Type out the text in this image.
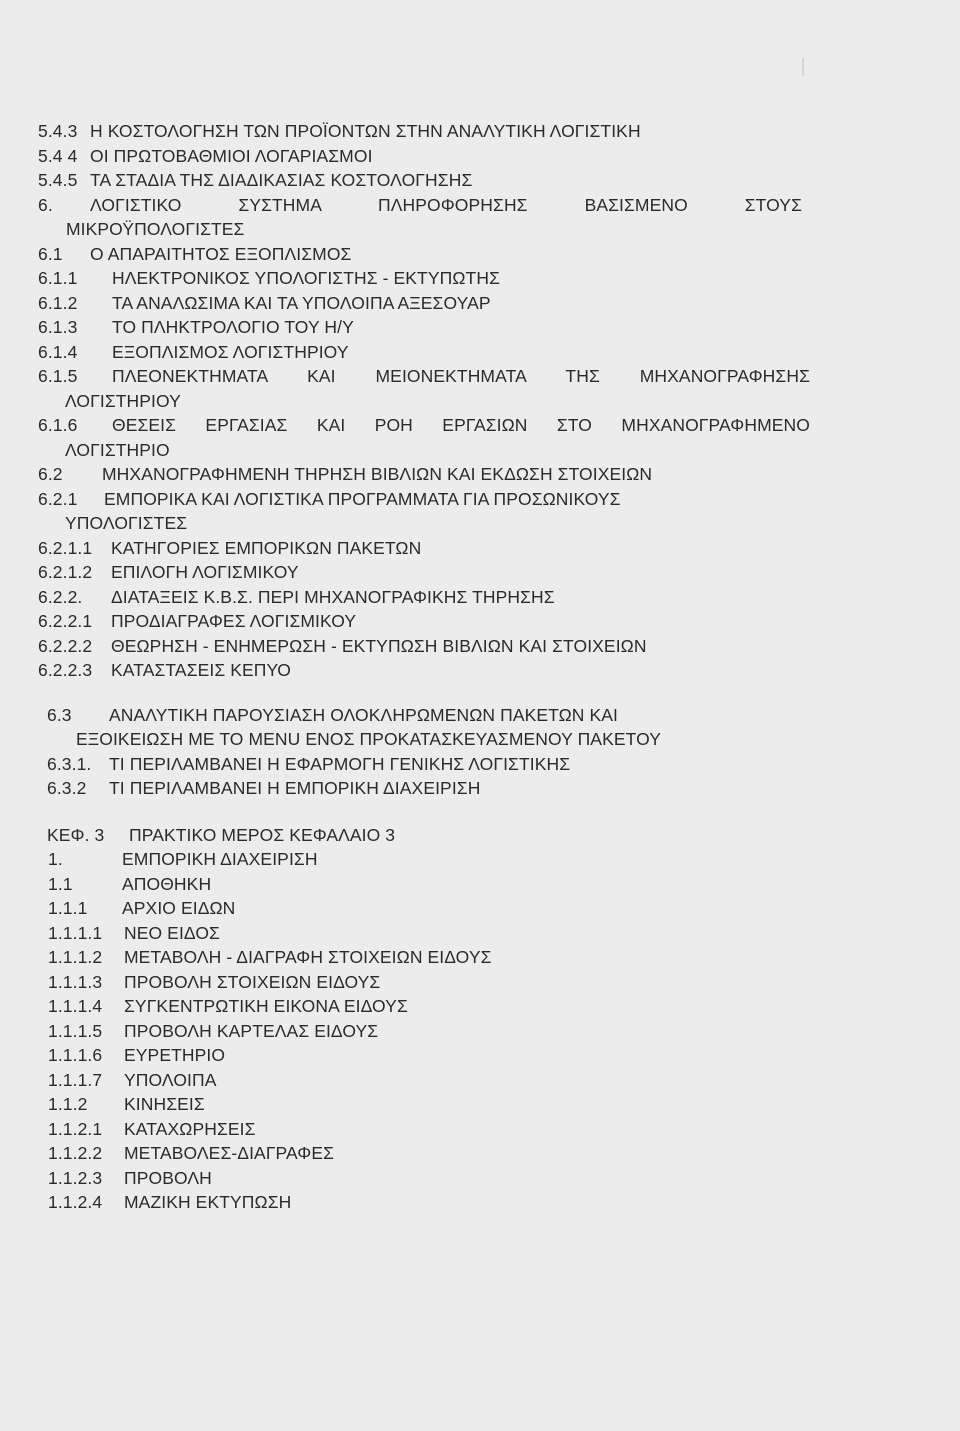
5.4.3 Η ΚΟΣΤΟΛΟΓΗΣΗ ΤΩΝ ΠΡΟΪΟΝΤΩΝ ΣΤΗΝ ΑΝΑΛΥΤΙΚΗ ΛΟΓΙΣΤΙΚΗ
5.4 4 ΟΙ ΠΡΩΤΟΒΑΘΜΙΟΙ ΛΟΓΑΡΙΑΣΜΟΙ
5.4.5 ΤΑ ΣΤΑΔΙΑ ΤΗΣ ΔΙΑΔΙΚΑΣΙΑΣ ΚΟΣΤΟΛΟΓΗΣΗΣ
6.	ΛΟΓΙΣΤΙΚΟ ΣΥΣΤΗΜΑ ΠΛΗΡΟΦΟΡΗΣΗΣ ΒΑΣΙΣΜΕΝΟ ΣΤΟΥΣ
ΜΙΚΡΟΫΠΟΛΟΓΙΣΤΕΣ
6.1	Ο ΑΠΑΡΑΙΤΗΤΟΣ ΕΞΟΠΛΙΣΜΟΣ
6.1.1	ΗΛΕΚΤΡΟΝΙΚΟΣ ΥΠΟΛΟΓΙΣΤΗΣ - ΕΚΤΥΠΩΤΗΣ
6.1.2	ΤΑ ΑΝΑΛΩΣΙΜΑ ΚΑΙ ΤΑ ΥΠΟΛΟΙΠΑ ΑΞΕΣΟΥΑΡ
6.1.3	ΤΟ ΠΛΗΚΤΡΟΛΟΓΙΟ ΤΟΥ Η/Υ
6.1.4	ΕΞΟΠΛΙΣΜΟΣ ΛΟΓΙΣΤΗΡΙΟΥ
6.1.5	ΠΛΕΟΝΕΚΤΗΜΑΤΑ ΚΑΙ ΜΕΙΟΝΕΚΤΗΜΑΤΑ ΤΗΣ ΜΗΧΑΝΟΓΡΑΦΗΣΗΣ
ΛΟΓΙΣΤΗΡΙΟΥ
6.1.6	ΘΕΣΕΙΣ ΕΡΓΑΣΙΑΣ ΚΑΙ ΡΟΗ ΕΡΓΑΣΙΩΝ ΣΤΟ ΜΗΧΑΝΟΓΡΑΦΗΜΕΝΟ
ΛΟΓΙΣΤΗΡΙΟ
6.2	ΜΗΧΑΝΟΓΡΑΦΗΜΕΝΗ ΤΗΡΗΣΗ ΒΙΒΛΙΩΝ ΚΑΙ ΕΚΔΩΣΗ ΣΤΟΙΧΕΙΩΝ
6.2.1	ΕΜΠΟΡΙΚΑ ΚΑΙ ΛΟΓΙΣΤΙΚΑ ΠΡΟΓΡΑΜΜΑΤΑ ΓΙΑ ΠΡΟΣΩΝΙΚΟΥΣ
ΥΠΟΛΟΓΙΣΤΕΣ
6.2.1.1	ΚΑΤΗΓΟΡΙΕΣ ΕΜΠΟΡΙΚΩΝ ΠΑΚΕΤΩΝ
6.2.1.2	ΕΠΙΛΟΓΗ ΛΟΓΙΣΜΙΚΟΥ
6.2.2.	ΔΙΑΤΑΞΕΙΣ Κ.Β.Σ. ΠΕΡΙ ΜΗΧΑΝΟΓΡΑΦΙΚΗΣ ΤΗΡΗΣΗΣ
6.2.2.1	ΠΡΟΔΙΑΓΡΑΦΕΣ ΛΟΓΙΣΜΙΚΟΥ
6.2.2.2	ΘΕΩΡΗΣΗ - ΕΝΗΜΕΡΩΣΗ - ΕΚΤΥΠΩΣΗ ΒΙΒΛΙΩΝ ΚΑΙ ΣΤΟΙΧΕΙΩΝ
6.2.2.3	ΚΑΤΑΣΤΑΣΕΙΣ ΚΕΠΥΟ
6.3	ΑΝΑΛΥΤΙΚΗ ΠΑΡΟΥΣΙΑΣΗ ΟΛΟΚΛΗΡΩΜΕΝΩΝ ΠΑΚΕΤΩΝ ΚΑΙ
ΕΞΟΙΚΕΙΩΣΗ ΜΕ ΤΟ MENU ΕΝΟΣ ΠΡΟΚΑΤΑΣΚΕΥΑΣΜΕΝΟΥ ΠΑΚΕΤΟΥ
6.3.1.	ΤΙ ΠΕΡΙΛΑΜΒΑΝΕΙ Η ΕΦΑΡΜΟΓΗ ΓΕΝΙΚΗΣ ΛΟΓΙΣΤΙΚΗΣ
6.3.2	ΤΙ ΠΕΡΙΛΑΜΒΑΝΕΙ Η ΕΜΠΟΡΙΚΗ ΔΙΑΧΕΙΡΙΣΗ
ΚΕΦ. 3	ΠΡΑΚΤΙΚΟ ΜΕΡΟΣ ΚΕΦΑΛΑΙΟ 3
1.	ΕΜΠΟΡΙΚΗ ΔΙΑΧΕΙΡΙΣΗ
1.1	ΑΠΟΘΗΚΗ
1.1.1	ΑΡΧΙΟ ΕΙΔΩΝ
1.1.1.1	ΝΕΟ ΕΙΔΟΣ
1.1.1.2	ΜΕΤΑΒΟΛΗ - ΔΙΑΓΡΑΦΗ ΣΤΟΙΧΕΙΩΝ ΕΙΔΟΥΣ
1.1.1.3	ΠΡΟΒΟΛΗ ΣΤΟΙΧΕΙΩΝ ΕΙΔΟΥΣ
1.1.1.4	ΣΥΓΚΕΝΤΡΩΤΙΚΗ ΕΙΚΟΝΑ ΕΙΔΟΥΣ
1.1.1.5	ΠΡΟΒΟΛΗ ΚΑΡΤΕΛΑΣ ΕΙΔΟΥΣ
1.1.1.6	ΕΥΡΕΤΗΡΙΟ
1.1.1.7	ΥΠΟΛΟΙΠΑ
1.1.2	ΚΙΝΗΣΕΙΣ
1.1.2.1	ΚΑΤΑΧΩΡΗΣΕΙΣ
1.1.2.2	ΜΕΤΑΒΟΛΕΣ-ΔΙΑΓΡΑΦΕΣ
1.1.2.3	ΠΡΟΒΟΛΗ
1.1.2.4	ΜΑΖΙΚΗ ΕΚΤΥΠΩΣΗ
